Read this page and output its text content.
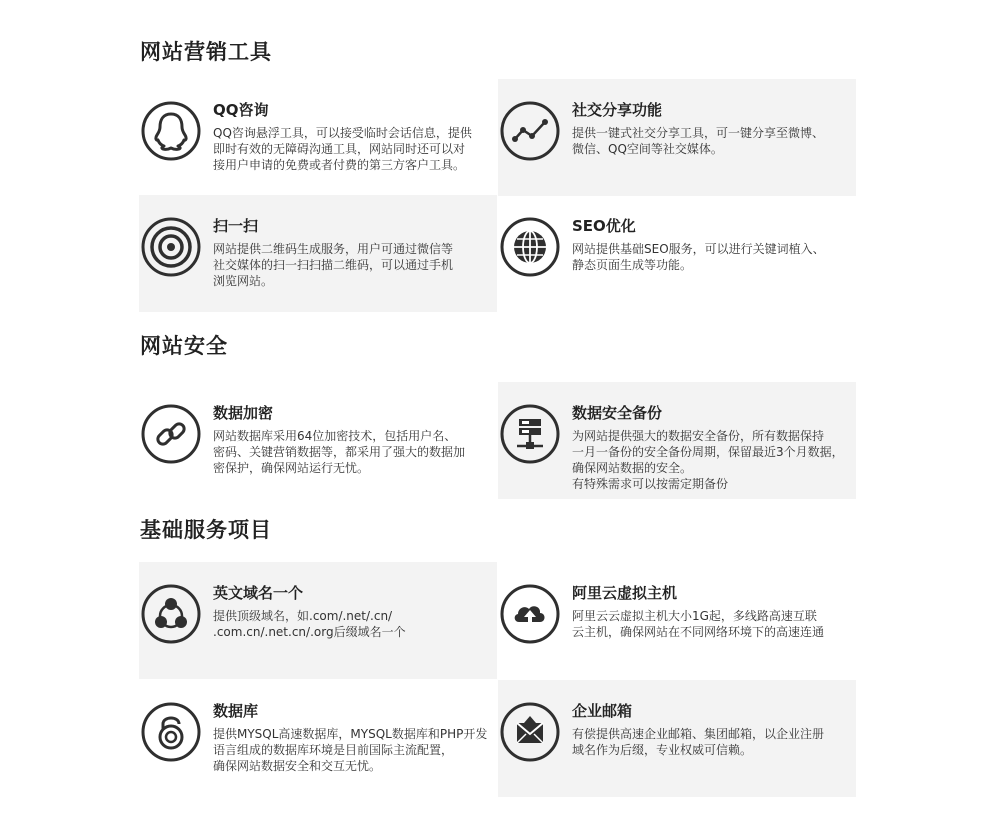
网站营销工具
QQ咨询

QQ咨询悬浮工具，可以接受临时会话信息，提供
即时有效的无障碍沟通工具，网站同时还可以对
接用户申请的免费或者付费的第三方客户工具。

社交分享功能

提供一键式社交分享工具，可一键分享至微博、
微信、QQ空间等社交媒体。

扫一扫

网站提供二维码生成服务，用户可通过微信等
社交媒体的扫一扫扫描二维码，可以通过手机
浏览网站。

SEO优化

网站提供基础SEO服务，可以进行关键词植入、
静态页面生成等功能。

网站安全
数据加密

网站数据库采用64位加密技术，包括用户名、
密码、关键营销数据等，都采用了强大的数据加
密保护，确保网站运行无忧。

数据安全备份

为网站提供强大的数据安全备份，所有数据保持
一月一备份的安全备份周期，保留最近3个月数据，
确保网站数据的安全。
有特殊需求可以按需定期备份

基础服务项目
英文域名一个

提供顶级域名，如.com/.net/.cn/
.com.cn/.net.cn/.org后缀域名一个

阿里云虚拟主机

阿里云云虚拟主机大小1G起，多线路高速互联
云主机，确保网站在不同网络环境下的高速连通

数据库

提供MYSQL高速数据库，MYSQL数据库和PHP开发
语言组成的数据库环境是目前国际主流配置，
确保网站数据安全和交互无忧。

企业邮箱

有偿提供高速企业邮箱、集团邮箱，以企业注册
域名作为后缀，专业权威可信赖。
